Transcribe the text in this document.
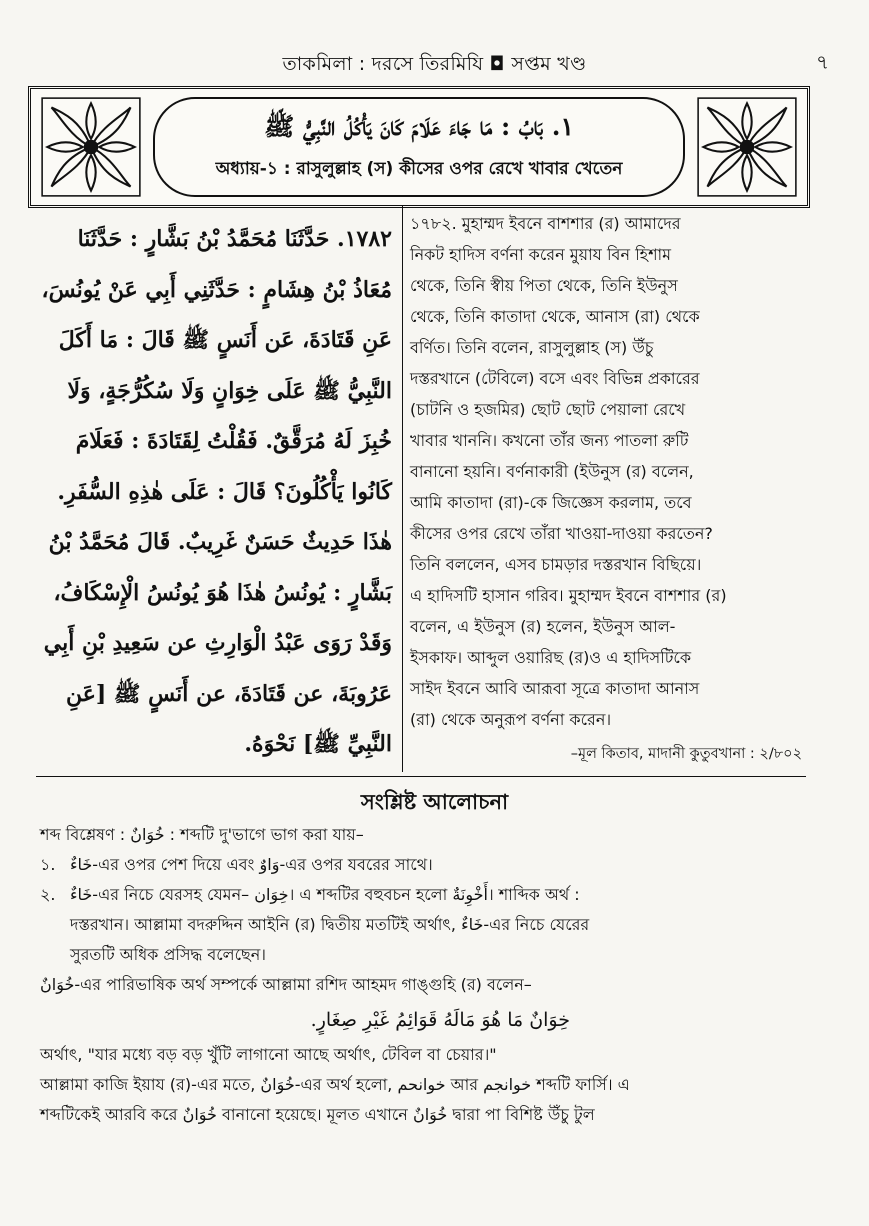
তাকমিলা : দরসে তিরমিযি ◘ সপ্তম খণ্ড	৭
١. بَابُ : مَا جَاءَ عَلَامَ كَانَ يَأْكُلُ النَّبِيُّ ﷺ
অধ্যায়-১ : রাসুলুল্লাহ (স) কীসের ওপর রেখে খাবার খেতেন
١٧٨٢. حَدَّثَنَا مُحَمَّدُ بْنُ بَشَّارٍ : حَدَّثَنَا
مُعَاذُ بْنُ هِشَامٍ : حَدَّثَنِي أَبِي عَنْ يُونُسَ،
عَنِ قَتَادَةَ، عَن أَنَسٍ ﷺ قَالَ : مَا أَكَلَ
النَّبِيُّ ﷺ عَلَى خِوَانٍ وَلَا سُكُرُّجَةٍ، وَلَا
خُبِزَ لَهُ مُرَقَّقٌ. فَقُلْتُ لِقَتَادَةَ : فَعَلَامَ
كَانُوا يَأْكُلُونَ؟ قَالَ : عَلَى هٰذِهِ السُّفَرِ.
هٰذَا حَدِيثٌ حَسَنٌ غَرِيبٌ. قَالَ مُحَمَّدُ بْنُ
بَشَّارٍ : يُونُسُ هٰذَا هُوَ يُونُسُ الْإِسْكَافُ،
وَقَدْ رَوَى عَبْدُ الْوَارِثِ عن سَعِيدِ بْنِ أَبِي
عَرُوبَةَ، عن قَتَادَةَ، عن أَنَسٍ ﷺ [عَنِ
النَّبِيِّ ﷺ] نَحْوَهُ.
১৭৮২. মুহাম্মদ ইবনে বাশশার (র) আমাদের
নিকট হাদিস বর্ণনা করেন মুয়ায বিন হিশাম
থেকে, তিনি স্বীয় পিতা থেকে, তিনি ইউনুস
থেকে, তিনি কাতাদা থেকে, আনাস (রা) থেকে
বর্ণিত। তিনি বলেন, রাসুলুল্লাহ (স) উঁচু
দস্তরখানে (টেবিলে) বসে এবং বিভিন্ন প্রকারের
(চাটনি ও হজমির) ছোট ছোট পেয়ালা রেখে
খাবার খাননি। কখনো তাঁর জন্য পাতলা রুটি
বানানো হয়নি। বর্ণনাকারী (ইউনুস (র) বলেন,
আমি কাতাদা (রা)-কে জিজ্ঞেস করলাম, তবে
কীসের ওপর রেখে তাঁরা খাওয়া-দাওয়া করতেন?
তিনি বললেন, এসব চামড়ার দস্তরখান বিছিয়ে।
এ হাদিসটি হাসান গরিব। মুহাম্মদ ইবনে বাশশার (র)
বলেন, এ ইউনুস (র) হলেন, ইউনুস আল-
ইসকাফ। আব্দুল ওয়ারিছ (র)ও এ হাদিসটিকে
সাইদ ইবনে আবি আরূবা সূত্রে কাতাদা আনাস
(রা) থেকে অনুরূপ বর্ণনা করেন।
–মূল কিতাব, মাদানী কুতুবখানা : ২/৮০২
সংশ্লিষ্ট আলোচনা
শব্দ বিশ্লেষণ : خُوَانٌ : শব্দটি দু'ভাগে ভাগ করা যায়–
১. خَاءٌ-এর ওপর পেশ দিয়ে এবং وَاوٌ-এর ওপর যবরের সাথে।
২. خَاءٌ-এর নিচে যেরসহ যেমন– خِوَان। এ শব্দটির বহুবচন হলো أَخْوِنَةٌ। শাব্দিক অর্থ :
দস্তরখান। আল্লামা বদরুদ্দিন আইনি (র) দ্বিতীয় মতটিই অর্থাৎ, خَاءٌ-এর নিচে যেরের
সুরতটি অধিক প্রসিদ্ধ বলেছেন।
خُوَانٌ-এর পারিভাষিক অর্থ সম্পর্কে আল্লামা রশিদ আহমদ গাঙ্গুহি (র) বলেন–
خِوَانٌ مَا هُوَ مَالَهُ قَوَائِمُ غَيْرِ صِغَارٍ.
অর্থাৎ, "যার মধ্যে বড় বড় খুঁটি লাগানো আছে অর্থাৎ, টেবিল বা চেয়ার।"
আল্লামা কাজি ইয়ায (র)-এর মতে, خُوَانٌ-এর অর্থ হলো, خوانحم আর خوانجم শব্দটি ফার্সি। এ
শব্দটিকেই আরবি করে خُوَانٌ বানানো হয়েছে। মূলত এখানে خُوَانٌ দ্বারা পা বিশিষ্ট উঁচু টুল
